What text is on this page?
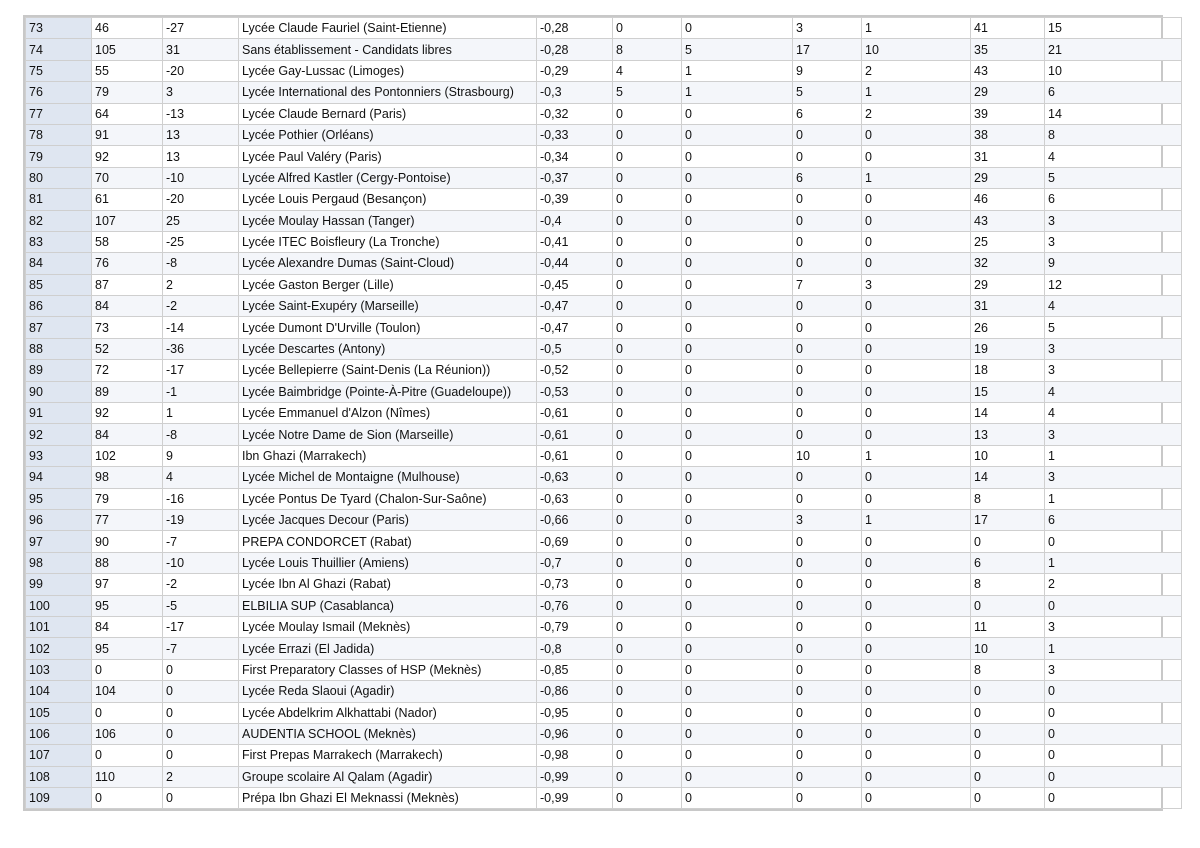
73	46	-27	Lycée Claude Fauriel (Saint-Etienne)	-0,28	0	0	3	1	41	15
74	105	31	Sans établissement - Candidats libres	-0,28	8	5	17	10	35	21
75	55	-20	Lycée Gay-Lussac (Limoges)	-0,29	4	1	9	2	43	10
76	79	3	Lycée International des Pontonniers (Strasbourg)	-0,3	5	1	5	1	29	6
77	64	-13	Lycée Claude Bernard (Paris)	-0,32	0	0	6	2	39	14
78	91	13	Lycée Pothier (Orléans)	-0,33	0	0	0	0	38	8
79	92	13	Lycée Paul Valéry (Paris)	-0,34	0	0	0	0	31	4
80	70	-10	Lycée Alfred Kastler (Cergy-Pontoise)	-0,37	0	0	6	1	29	5
81	61	-20	Lycée Louis Pergaud (Besançon)	-0,39	0	0	0	0	46	6
82	107	25	Lycée Moulay Hassan (Tanger)	-0,4	0	0	0	0	43	3
83	58	-25	Lycée ITEC Boisfleury (La Tronche)	-0,41	0	0	0	0	25	3
84	76	-8	Lycée Alexandre Dumas (Saint-Cloud)	-0,44	0	0	0	0	32	9
85	87	2	Lycée Gaston Berger (Lille)	-0,45	0	0	7	3	29	12
86	84	-2	Lycée Saint-Exupéry (Marseille)	-0,47	0	0	0	0	31	4
87	73	-14	Lycée Dumont D'Urville (Toulon)	-0,47	0	0	0	0	26	5
88	52	-36	Lycée Descartes (Antony)	-0,5	0	0	0	0	19	3
89	72	-17	Lycée Bellepierre (Saint-Denis (La Réunion))	-0,52	0	0	0	0	18	3
90	89	-1	Lycée Baimbridge (Pointe-À-Pitre (Guadeloupe))	-0,53	0	0	0	0	15	4
91	92	1	Lycée Emmanuel d'Alzon (Nîmes)	-0,61	0	0	0	0	14	4
92	84	-8	Lycée Notre Dame de Sion (Marseille)	-0,61	0	0	0	0	13	3
93	102	9	Ibn Ghazi (Marrakech)	-0,61	0	0	10	1	10	1
94	98	4	Lycée Michel de Montaigne (Mulhouse)	-0,63	0	0	0	0	14	3
95	79	-16	Lycée Pontus De Tyard (Chalon-Sur-Saône)	-0,63	0	0	0	0	8	1
96	77	-19	Lycée Jacques Decour (Paris)	-0,66	0	0	3	1	17	6
97	90	-7	PREPA CONDORCET (Rabat)	-0,69	0	0	0	0	0	0
98	88	-10	Lycée Louis Thuillier (Amiens)	-0,7	0	0	0	0	6	1
99	97	-2	Lycée Ibn Al Ghazi (Rabat)	-0,73	0	0	0	0	8	2
100	95	-5	ELBILIA SUP (Casablanca)	-0,76	0	0	0	0	0	0
101	84	-17	Lycée Moulay Ismail (Meknès)	-0,79	0	0	0	0	11	3
102	95	-7	Lycée Errazi (El Jadida)	-0,8	0	0	0	0	10	1
103	0	0	First Preparatory Classes of HSP (Meknès)	-0,85	0	0	0	0	8	3
104	104	0	Lycée Reda Slaoui (Agadir)	-0,86	0	0	0	0	0	0
105	0	0	Lycée Abdelkrim Alkhattabi (Nador)	-0,95	0	0	0	0	0	0
106	106	0	AUDENTIA SCHOOL (Meknès)	-0,96	0	0	0	0	0	0
107	0	0	First Prepas Marrakech (Marrakech)	-0,98	0	0	0	0	0	0
108	110	2	Groupe scolaire Al Qalam (Agadir)	-0,99	0	0	0	0	0	0
109	0	0	Prépa Ibn Ghazi El Meknassi (Meknès)	-0,99	0	0	0	0	0	0
